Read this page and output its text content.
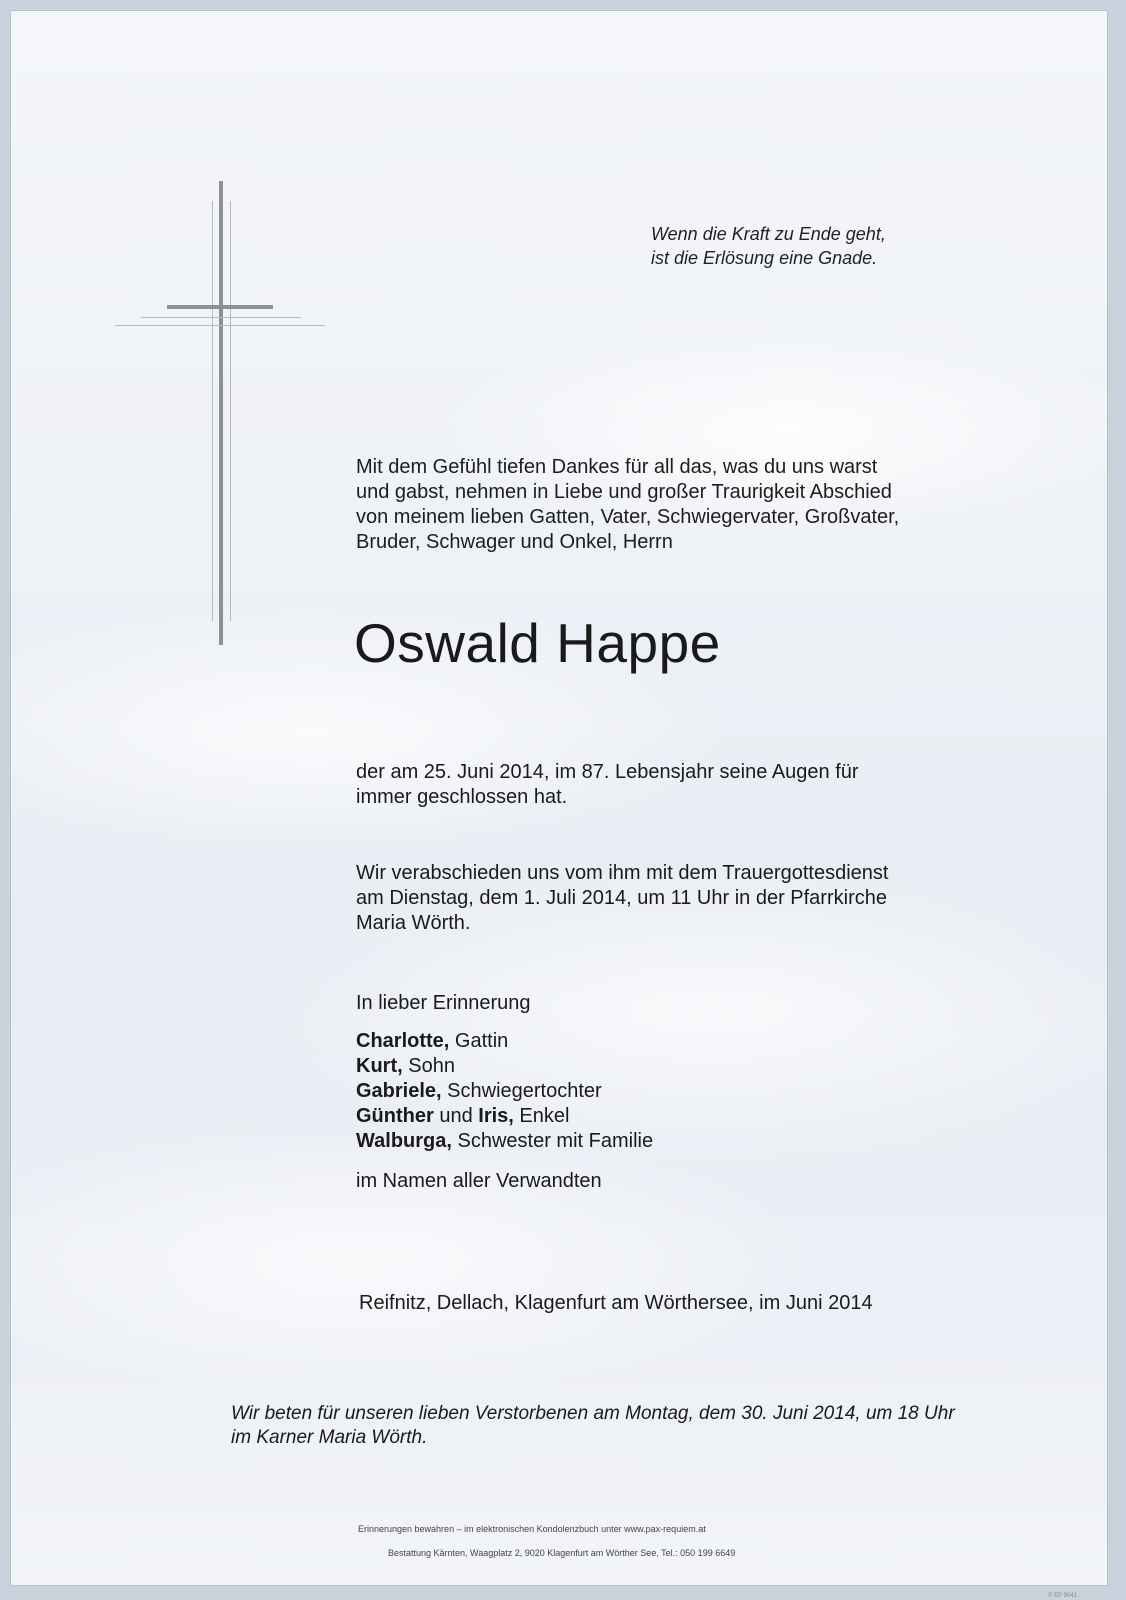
Wenn die Kraft zu Ende geht,
ist die Erlösung eine Gnade.
Mit dem Gefühl tiefen Dankes für all das, was du uns warst
und gabst, nehmen in Liebe und großer Traurigkeit Abschied
von meinem lieben Gatten, Vater, Schwiegervater, Großvater,
Bruder, Schwager und Onkel, Herrn
Oswald Happe
der am 25. Juni 2014, im 87. Lebensjahr seine Augen für
immer geschlossen hat.
Wir verabschieden uns vom ihm mit dem Trauergottesdienst
am Dienstag, dem 1. Juli 2014, um 11 Uhr in der Pfarrkirche
Maria Wörth.
In lieber Erinnerung
Charlotte, Gattin
Kurt, Sohn
Gabriele, Schwiegertochter
Günther und Iris, Enkel
Walburga, Schwester mit Familie
im Namen aller Verwandten
Reifnitz, Dellach, Klagenfurt am Wörthersee, im Juni 2014
Wir beten für unseren lieben Verstorbenen am Montag, dem 30. Juni 2014, um 18 Uhr
im Karner Maria Wörth.
Erinnerungen bewahren – im elektronischen Kondolenzbuch unter www.pax-requiem.at
Bestattung Kärnten, Waagplatz 2, 9020 Klagenfurt am Wörther See, Tel.: 050 199 6649
© EP 9041
